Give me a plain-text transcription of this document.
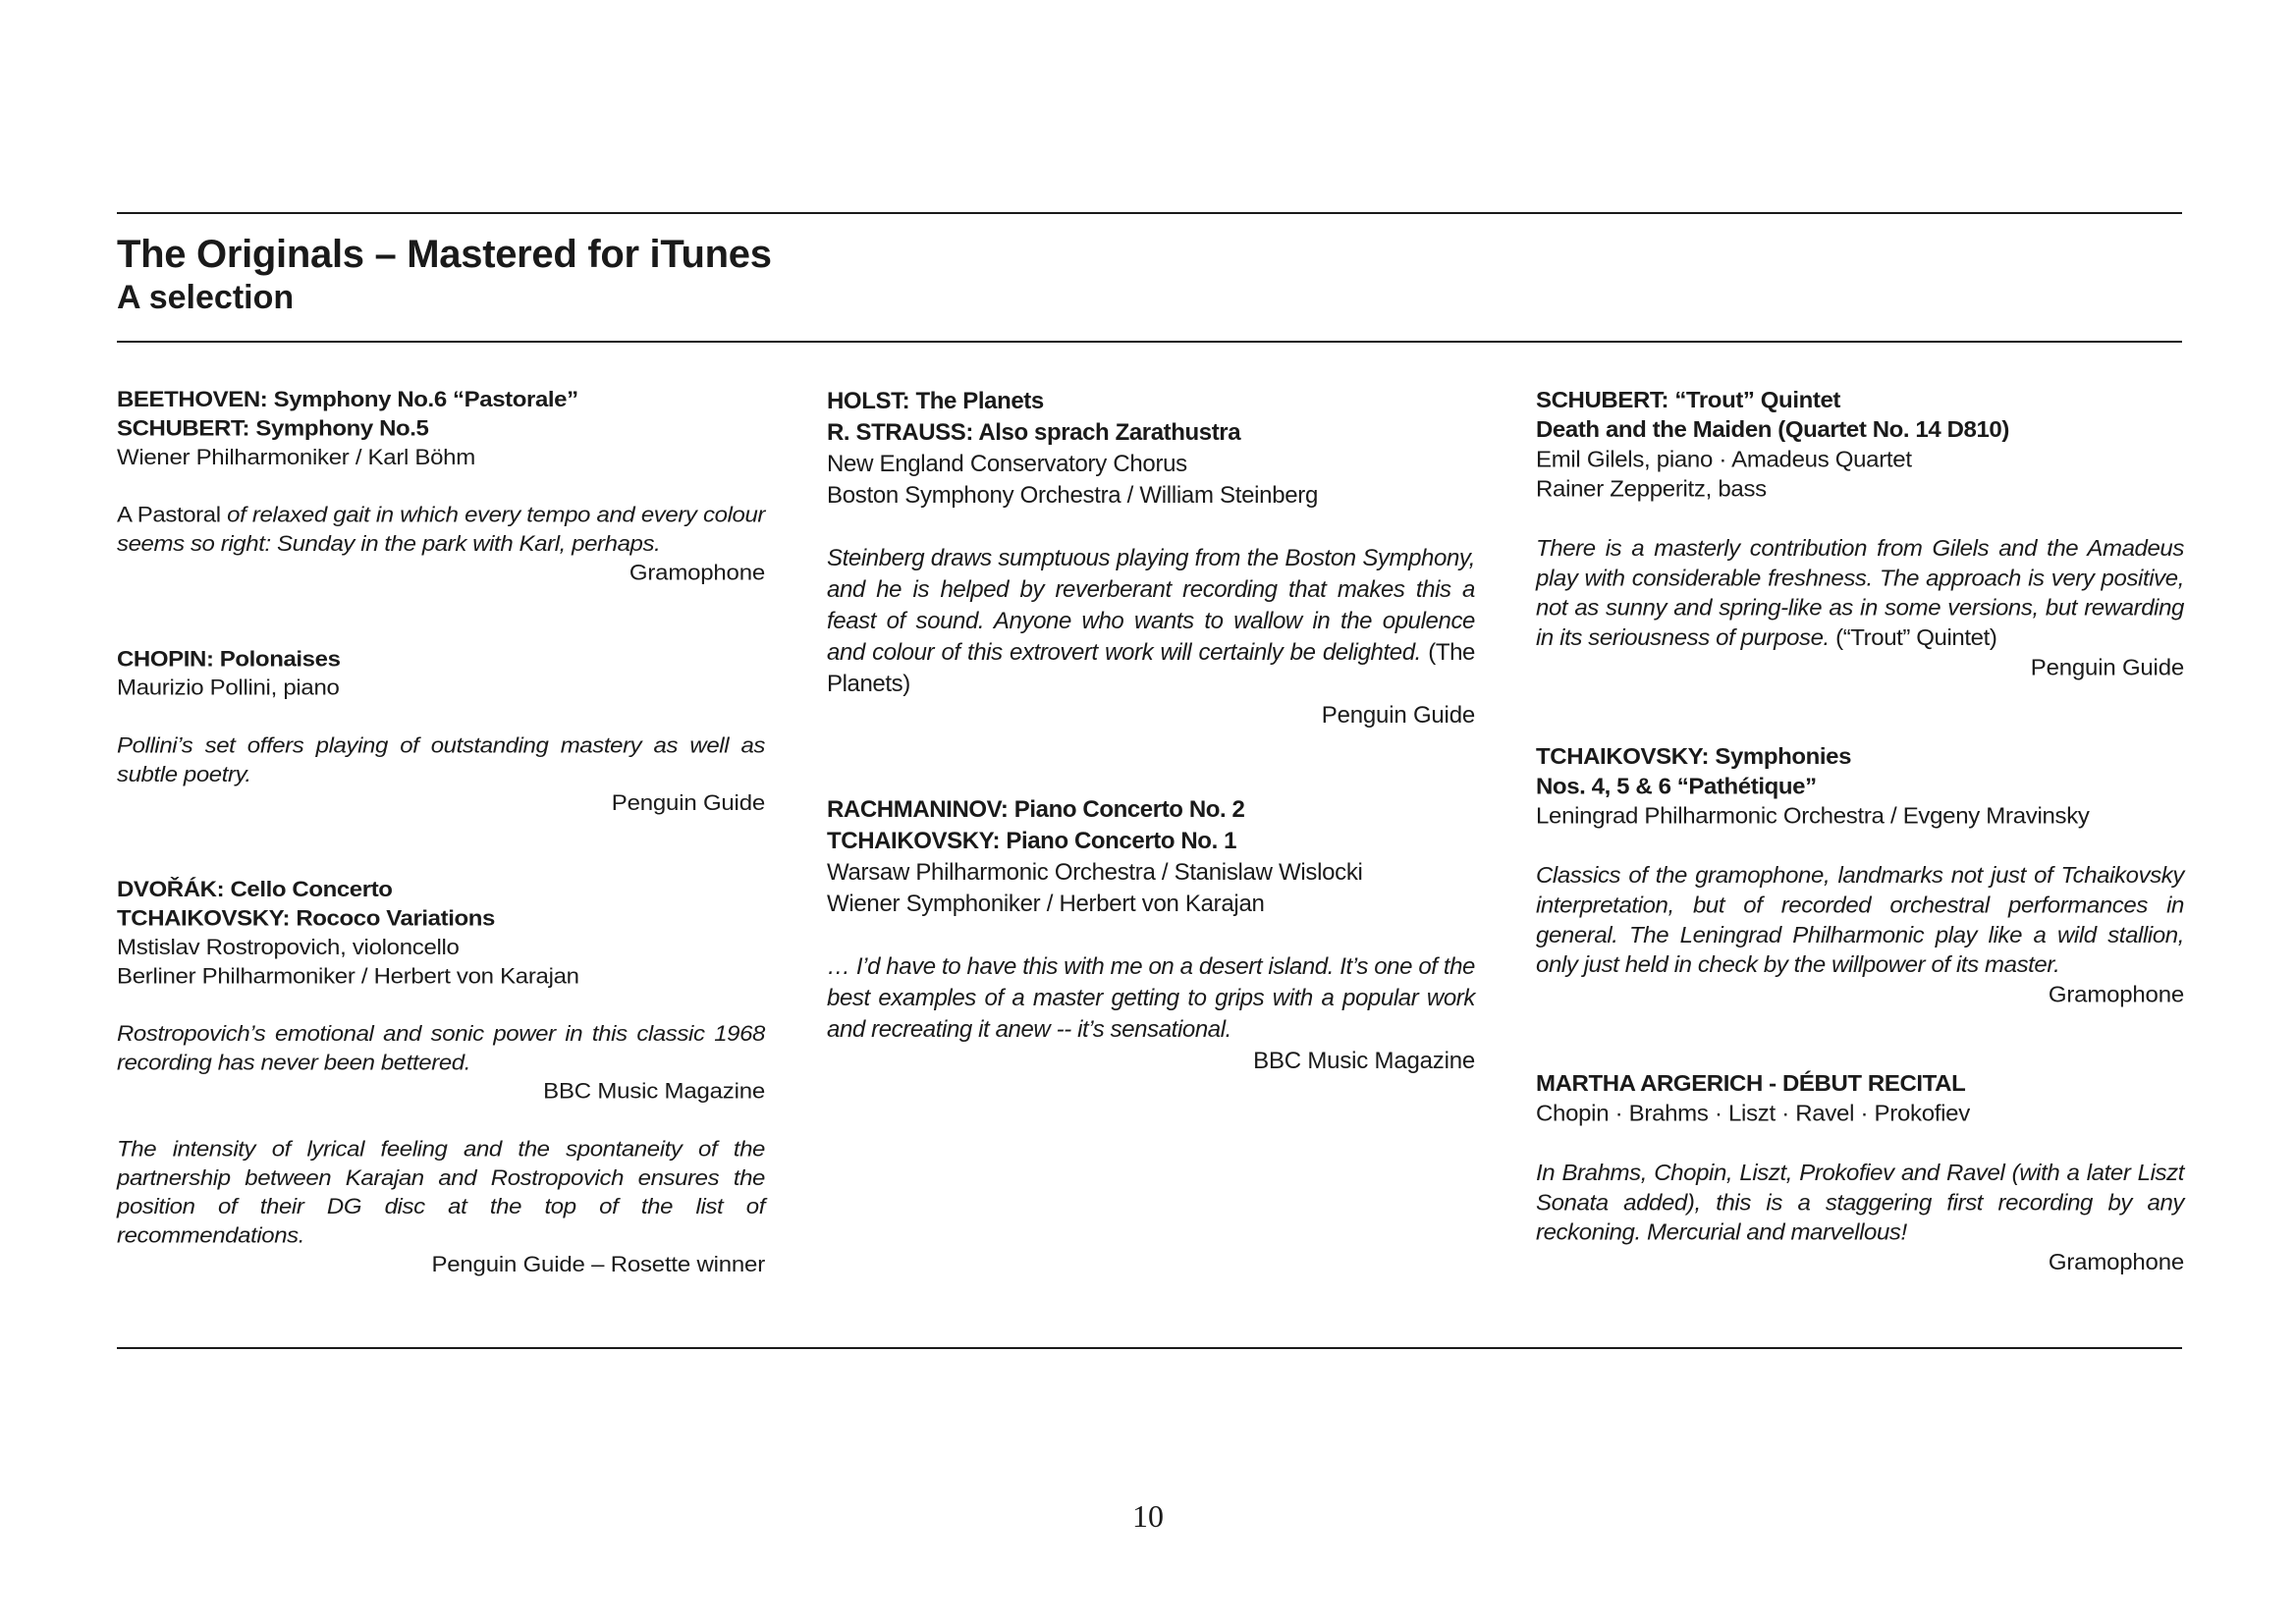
The Originals – Mastered for iTunes
A selection
BEETHOVEN: Symphony No.6 “Pastorale”
SCHUBERT: Symphony No.5
Wiener Philharmoniker / Karl Böhm
A Pastoral of relaxed gait in which every tempo and every colour seems so right: Sunday in the park with Karl, perhaps.
Gramophone
CHOPIN: Polonaises
Maurizio Pollini, piano
Pollini’s set offers playing of outstanding mastery as well as subtle poetry.
Penguin Guide
DVOŘÁK: Cello Concerto
TCHAIKOVSKY: Rococo Variations
Mstislav Rostropovich, violoncello
Berliner Philharmoniker / Herbert von Karajan
Rostropovich’s emotional and sonic power in this classic 1968 recording has never been bettered.
BBC Music Magazine
The intensity of lyrical feeling and the spontaneity of the partnership between Karajan and Rostropovich ensures the position of their DG disc at the top of the list of recommendations.
Penguin Guide – Rosette winner
HOLST: The Planets
R. STRAUSS: Also sprach Zarathustra
New England Conservatory Chorus
Boston Symphony Orchestra / William Steinberg
Steinberg draws sumptuous playing from the Boston Symphony, and he is helped by reverberant recording that makes this a feast of sound. Anyone who wants to wallow in the opulence and colour of this extrovert work will certainly be delighted. (The Planets)
Penguin Guide
RACHMANINOV: Piano Concerto No. 2
TCHAIKOVSKY: Piano Concerto No. 1
Warsaw Philharmonic Orchestra / Stanislaw Wislocki
Wiener Symphoniker / Herbert von Karajan
… I’d have to have this with me on a desert island. It’s one of the best examples of a master getting to grips with a popular work and recreating it anew -- it’s sensational.
BBC Music Magazine
SCHUBERT: “Trout” Quintet
Death and the Maiden (Quartet No. 14 D810)
Emil Gilels, piano · Amadeus Quartet
Rainer Zepperitz, bass
There is a masterly contribution from Gilels and the Amadeus play with considerable freshness. The approach is very positive, not as sunny and spring-like as in some versions, but rewarding in its seriousness of purpose. (“Trout” Quintet)
Penguin Guide
TCHAIKOVSKY: Symphonies
Nos. 4, 5 & 6 “Pathétique”
Leningrad Philharmonic Orchestra / Evgeny Mravinsky
Classics of the gramophone, landmarks not just of Tchaikovsky interpretation, but of recorded orchestral performances in general. The Leningrad Philharmonic play like a wild stallion, only just held in check by the willpower of its master.
Gramophone
MARTHA ARGERICH - DÉBUT RECITAL
Chopin · Brahms · Liszt · Ravel · Prokofiev
In Brahms, Chopin, Liszt, Prokofiev and Ravel (with a later Liszt Sonata added), this is a staggering first recording by any reckoning. Mercurial and marvellous!
Gramophone
10
